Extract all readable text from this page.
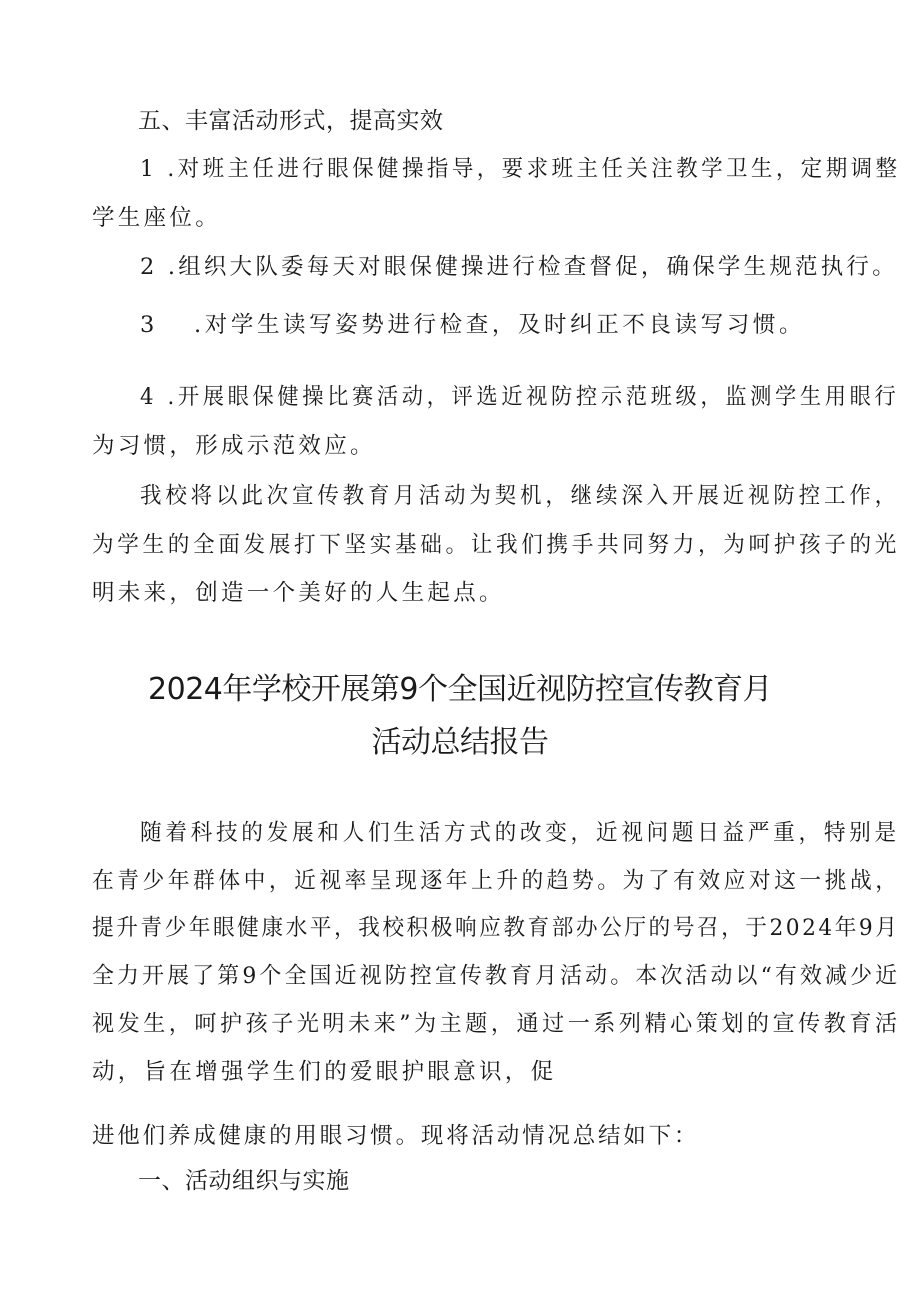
五、丰富活动形式，提高实效
1 .对班主任进行眼保健操指导，要求班主任关注教学卫生，定期调整
学生座位。
2 .组织大队委每天对眼保健操进行检查督促，确保学生规范执行。
3 .对学生读写姿势进行检查，及时纠正不良读写习惯。
4 .开展眼保健操比赛活动，评选近视防控示范班级，监测学生用眼行
为习惯，形成示范效应。
我校将以此次宣传教育月活动为契机，继续深入开展近视防控工作，
为学生的全面发展打下坚实基础。让我们携手共同努力，为呵护孩子的光
明未来，创造一个美好的人生起点。
2024年学校开展第9个全国近视防控宣传教育月
活动总结报告
随着科技的发展和人们生活方式的改变，近视问题日益严重，特别是
在青少年群体中，近视率呈现逐年上升的趋势。为了有效应对这一挑战，
提升青少年眼健康水平，我校积极响应教育部办公厅的号召，于2024年9月
全力开展了第9个全国近视防控宣传教育月活动。本次活动以“有效减少近
视发生，呵护孩子光明未来”为主题，通过一系列精心策划的宣传教育活
动，旨在增强学生们的爱眼护眼意识，促
进他们养成健康的用眼习惯。现将活动情况总结如下：
一、活动组织与实施
